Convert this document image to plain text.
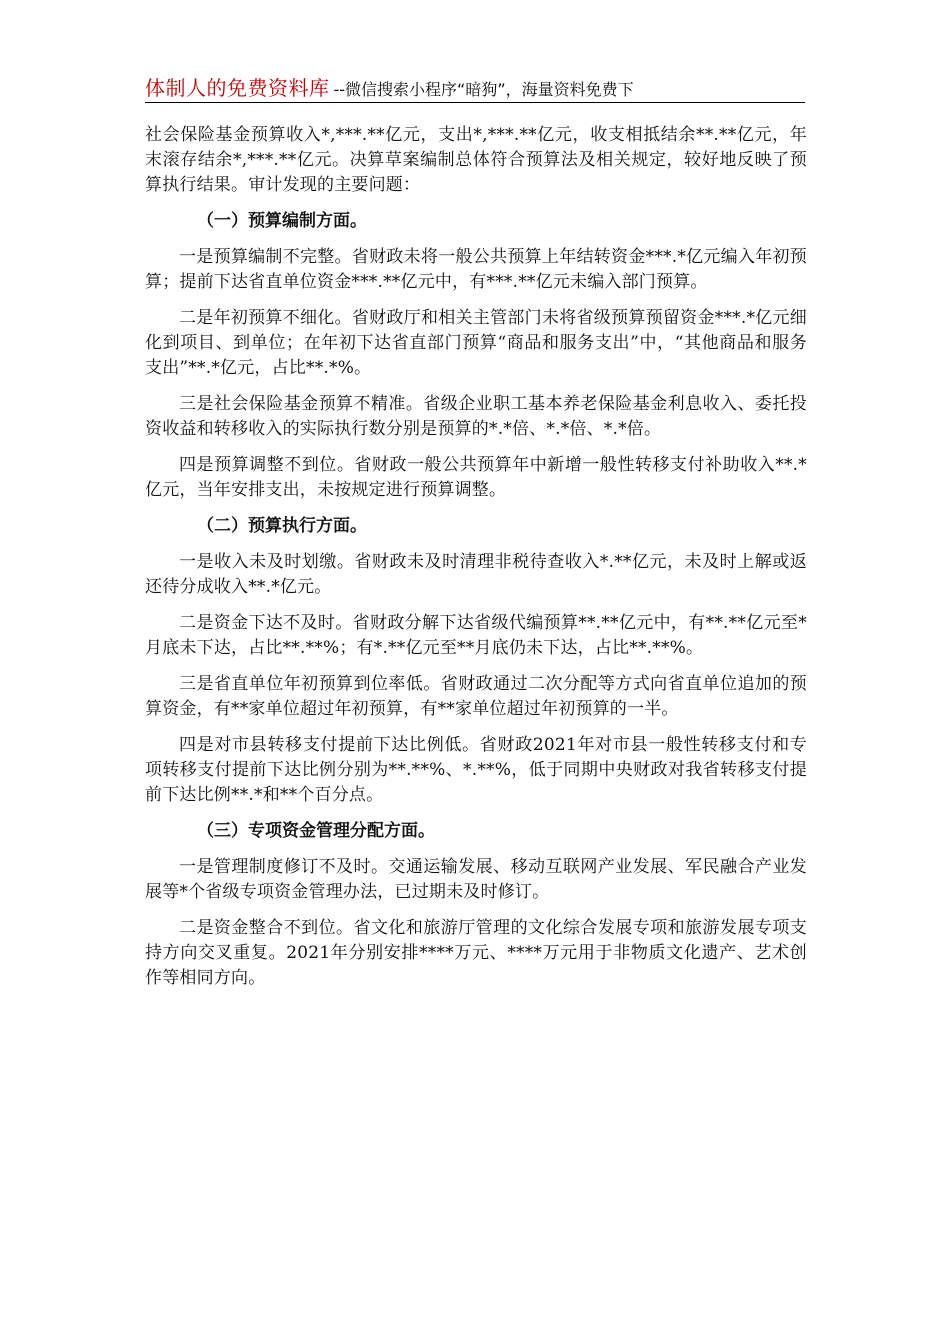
体制人的免费资料库 --微信搜索小程序“暗狗”，海量资料免费下

社会保险基金预算收入*,***.**亿元，支出*,***.**亿元，收支相抵结余**.**亿元，年末滚存结余*,***.**亿元。决算草案编制总体符合预算法及相关规定，较好地反映了预算执行结果。审计发现的主要问题：

（一）预算编制方面。

一是预算编制不完整。省财政未将一般公共预算上年结转资金***.*亿元编入年初预算；提前下达省直单位资金***.**亿元中，有***.**亿元未编入部门预算。

二是年初预算不细化。省财政厅和相关主管部门未将省级预算预留资金***.*亿元细化到项目、到单位；在年初下达省直部门预算“商品和服务支出”中，“其他商品和服务支出”**.*亿元，占比**.*%。

三是社会保险基金预算不精准。省级企业职工基本养老保险基金利息收入、委托投资收益和转移收入的实际执行数分别是预算的*.*倍、*.*倍、*.*倍。

四是预算调整不到位。省财政一般公共预算年中新增一般性转移支付补助收入**.*亿元，当年安排支出，未按规定进行预算调整。

（二）预算执行方面。

一是收入未及时划缴。省财政未及时清理非税待查收入*.**亿元，未及时上解或返还待分成收入**.*亿元。

二是资金下达不及时。省财政分解下达省级代编预算**.**亿元中，有**.**亿元至*月底未下达，占比**.**%；有*.**亿元至**月底仍未下达，占比**.**%。

三是省直单位年初预算到位率低。省财政通过二次分配等方式向省直单位追加的预算资金，有**家单位超过年初预算，有**家单位超过年初预算的一半。

四是对市县转移支付提前下达比例低。省财政2021年对市县一般性转移支付和专项转移支付提前下达比例分别为**.**%、*.**%，低于同期中央财政对我省转移支付提前下达比例**.*和**个百分点。

（三）专项资金管理分配方面。

一是管理制度修订不及时。交通运输发展、移动互联网产业发展、军民融合产业发展等*个省级专项资金管理办法，已过期未及时修订。

二是资金整合不到位。省文化和旅游厅管理的文化综合发展专项和旅游发展专项支持方向交叉重复。2021年分别安排****万元、****万元用于非物质文化遗产、艺术创作等相同方向。
